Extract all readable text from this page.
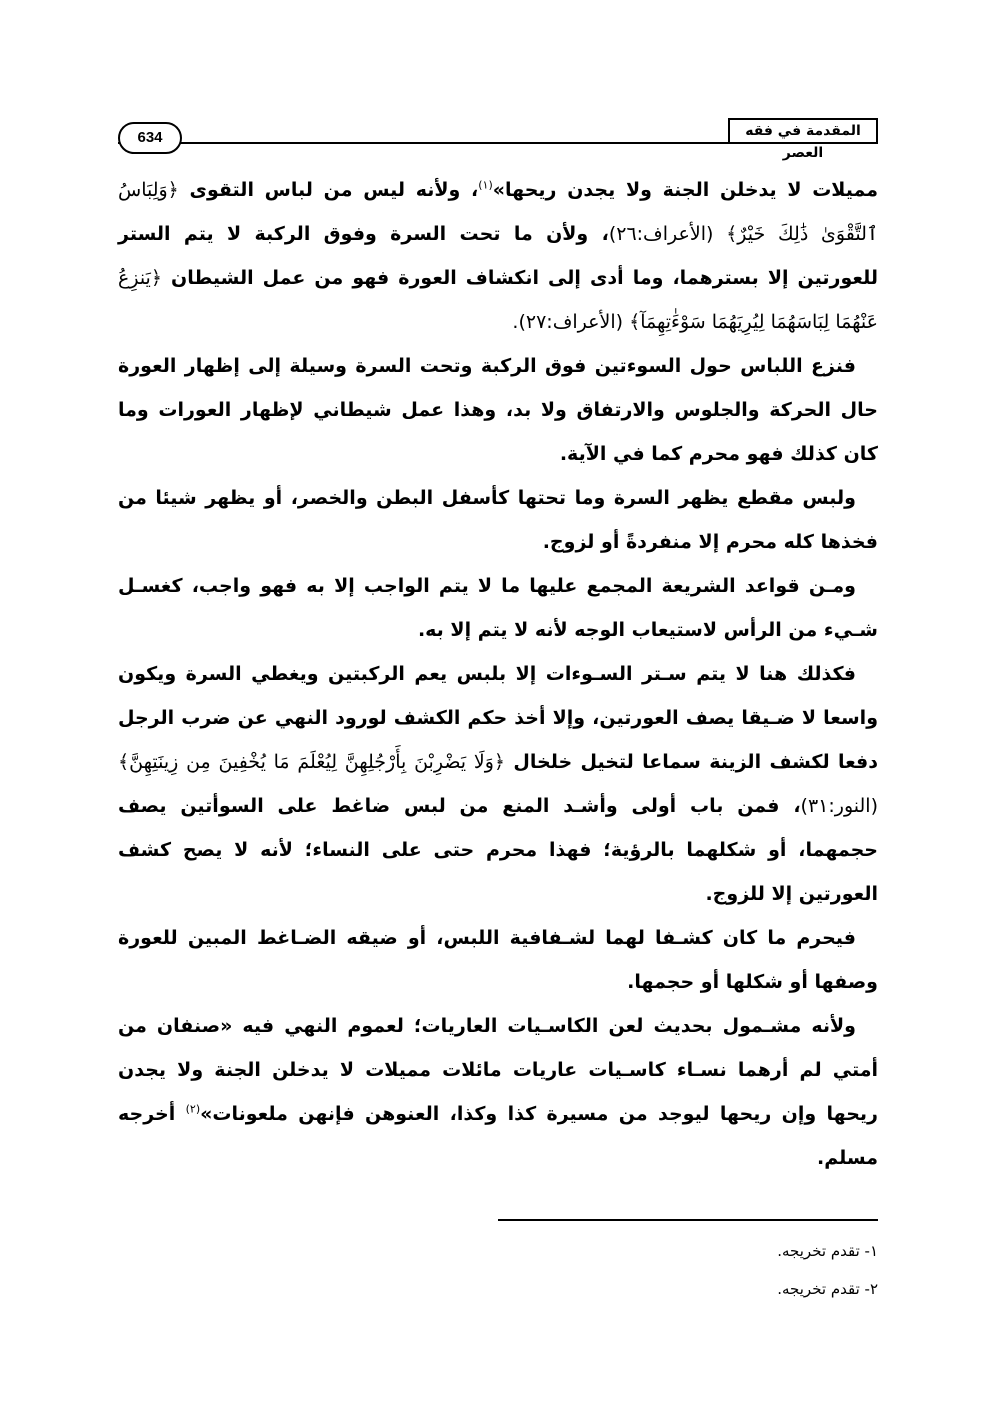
المقدمة في فقه العصر
634

مميلات لا يدخلن الجنة ولا يجدن ريحها»$^{(١)}$، ولأنه ليس من لباس التقوى ﴿وَلِبَاسُ ٱلتَّقْوَىٰ ذَٰلِكَ خَيْرٌ﴾ (الأعراف:٢٦)، ولأن ما تحت السرة وفوق الركبة لا يتم الستر للعورتين إلا بسترهما، وما أدى إلى انكشاف العورة فهو من عمل الشيطان ﴿يَنزِعُ عَنْهُمَا لِبَاسَهُمَا لِيُرِيَهُمَا سَوْءَٰتِهِمَآ﴾ (الأعراف:٢٧).

فنزع اللباس حول السوءتين فوق الركبة وتحت السرة وسيلة إلى إظهار العورة حال الحركة والجلوس والارتفاق ولا بد، وهذا عمل شيطاني لإظهار العورات وما كان كذلك فهو محرم كما في الآية.

ولبس مقطع يظهر السرة وما تحتها كأسفل البطن والخصر، أو يظهر شيئا من فخذها كله محرم إلا منفردةً أو لزوج.

ومـن قواعد الشريعة المجمع عليها ما لا يتم الواجب إلا به فهو واجب، كغسـل شـيء من الرأس لاستيعاب الوجه لأنه لا يتم إلا به.

فكذلك هنا لا يتم سـتر السـوءات إلا بلبس يعم الركبتين ويغطي السرة ويكون واسعا لا ضـيقا يصف العورتين، وإلا أخذ حكم الكشف لورود النهي عن ضرب الرجل دفعا لكشف الزينة سماعا لتخيل خلخال ﴿وَلَا يَضْرِبْنَ بِأَرْجُلِهِنَّ لِيُعْلَمَ مَا يُخْفِينَ مِن زِينَتِهِنَّ﴾ (النور:٣١)، فمن باب أولى وأشـد المنع من لبس ضاغط على السوأتين يصف حجمهما، أو شكلهما بالرؤية؛ فهذا محرم حتى على النساء؛ لأنه لا يصح كشف العورتين إلا للزوج.

فيحرم ما كان كشـفا لهما لشـفافية اللبس، أو ضيقه الضـاغط المبين للعورة وصفها أو شكلها أو حجمها.

ولأنه مشـمول بحديث لعن الكاسـيات العاريات؛ لعموم النهي فيه «صنفان من أمتي لم أرهما نسـاء كاسـيات عاريات مائلات مميلات لا يدخلن الجنة ولا يجدن ريحها وإن ريحها ليوجد من مسيرة كذا وكذا، العنوهن فإنهن ملعونات»$^{(٢)}$ أخرجه مسلم.

١- تقدم تخريجه.
٢- تقدم تخريجه.
